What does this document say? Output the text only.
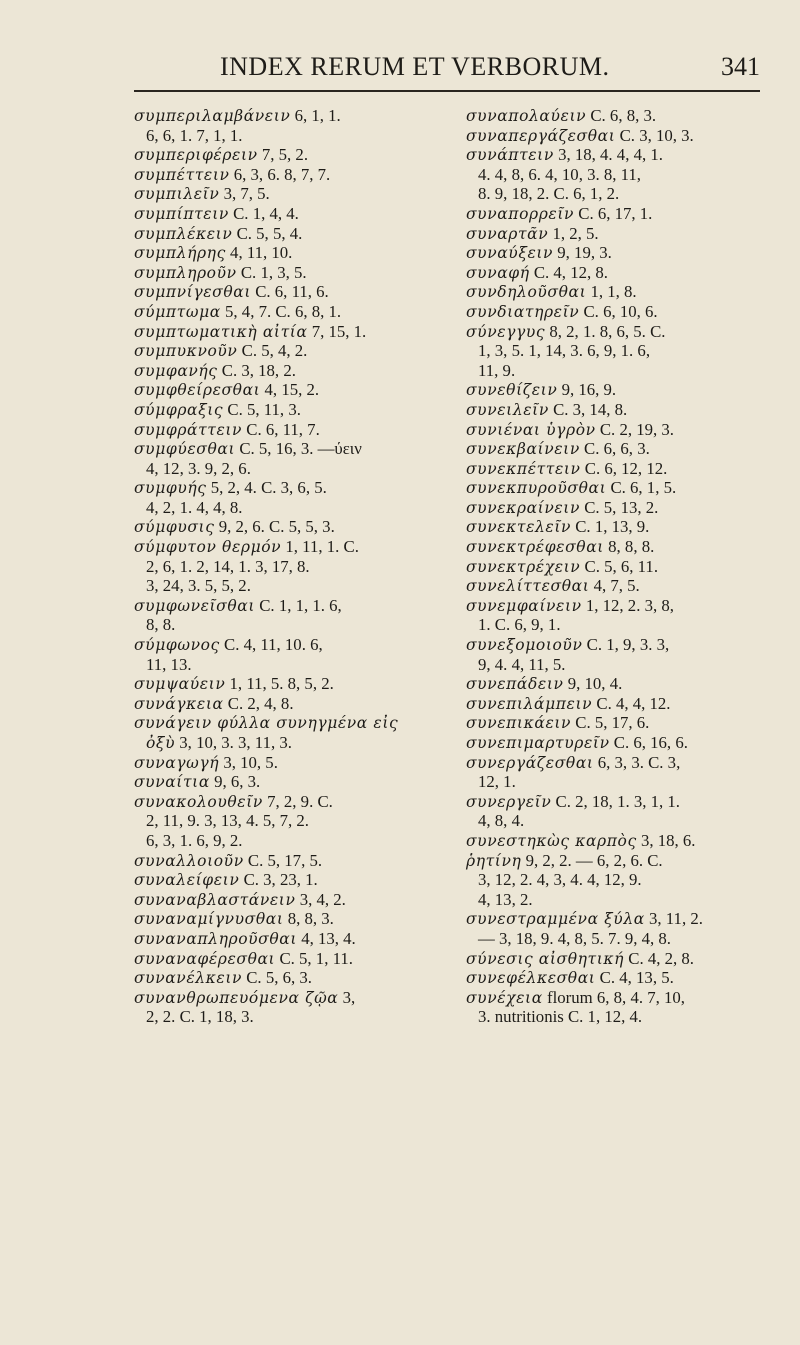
INDEX RERUM ET VERBORUM.	341
συμπεριλαμβάνειν 6, 1, 1.
6, 6, 1. 7, 1, 1.
συμπεριφέρειν 7, 5, 2.
συμπέττειν 6, 3, 6. 8, 7, 7.
συμπιλεῖν 3, 7, 5.
συμπίπτειν C. 1, 4, 4.
συμπλέκειν C. 5, 5, 4.
συμπλήρης 4, 11, 10.
συμπληροῦν C. 1, 3, 5.
συμπνίγεσθαι C. 6, 11, 6.
σύμπτωμα 5, 4, 7. C. 6, 8, 1.
συμπτωματικὴ αἰτία 7, 15, 1.
συμπυκνοῦν C. 5, 4, 2.
συμφανής C. 3, 18, 2.
συμφθείρεσθαι 4, 15, 2.
σύμφραξις C. 5, 11, 3.
συμφράττειν C. 6, 11, 7.
συμφύεσθαι C. 5, 16, 3. —ύειν
4, 12, 3. 9, 2, 6.
συμφυής 5, 2, 4. C. 3, 6, 5.
4, 2, 1. 4, 4, 8.
σύμφυσις 9, 2, 6. C. 5, 5, 3.
σύμφυτον θερμόν 1, 11, 1. C.
2, 6, 1. 2, 14, 1. 3, 17, 8.
3, 24, 3. 5, 5, 2.
συμφωνεῖσθαι C. 1, 1, 1. 6,
8, 8.
σύμφωνος C. 4, 11, 10. 6,
11, 13.
συμψαύειν 1, 11, 5. 8, 5, 2.
συνάγκεια C. 2, 4, 8.
συνάγειν φύλλα συνηγμένα εἰς
ὀξὺ 3, 10, 3. 3, 11, 3.
συναγωγή 3, 10, 5.
συναίτια 9, 6, 3.
συνακολουθεῖν 7, 2, 9. C.
2, 11, 9. 3, 13, 4. 5, 7, 2.
6, 3, 1. 6, 9, 2.
συναλλοιοῦν C. 5, 17, 5.
συναλείφειν C. 3, 23, 1.
συναναβλαστάνειν 3, 4, 2.
συναναμίγνυσθαι 8, 8, 3.
συναναπληροῦσθαι 4, 13, 4.
συναναφέρεσθαι C. 5, 1, 11.
συνανέλκειν C. 5, 6, 3.
συνανθρωπευόμενα ζῷα 3,
2, 2. C. 1, 18, 3.
συναπολαύειν C. 6, 8, 3.
συναπεργάζεσθαι C. 3, 10, 3.
συνάπτειν 3, 18, 4. 4, 4, 1.
4. 4, 8, 6. 4, 10, 3. 8, 11,
8. 9, 18, 2. C. 6, 1, 2.
συναπορρεῖν C. 6, 17, 1.
συναρτᾶν 1, 2, 5.
συναύξειν 9, 19, 3.
συναφή C. 4, 12, 8.
συνδηλοῦσθαι 1, 1, 8.
συνδιατηρεῖν C. 6, 10, 6.
σύνεγγυς 8, 2, 1. 8, 6, 5. C.
1, 3, 5. 1, 14, 3. 6, 9, 1. 6,
11, 9.
συνεθίζειν 9, 16, 9.
συνειλεῖν C. 3, 14, 8.
συνιέναι ὑγρὸν C. 2, 19, 3.
συνεκβαίνειν C. 6, 6, 3.
συνεκπέττειν C. 6, 12, 12.
συνεκπυροῦσθαι C. 6, 1, 5.
συνεκραίνειν C. 5, 13, 2.
συνεκτελεῖν C. 1, 13, 9.
συνεκτρέφεσθαι 8, 8, 8.
συνεκτρέχειν C. 5, 6, 11.
συνελίττεσθαι 4, 7, 5.
συνεμφαίνειν 1, 12, 2. 3, 8,
1. C. 6, 9, 1.
συνεξομοιοῦν C. 1, 9, 3. 3,
9, 4. 4, 11, 5.
συνεπάδειν 9, 10, 4.
συνεπιλάμπειν C. 4, 4, 12.
συνεπικάειν C. 5, 17, 6.
συνεπιμαρτυρεῖν C. 6, 16, 6.
συνεργάζεσθαι 6, 3, 3. C. 3,
12, 1.
συνεργεῖν C. 2, 18, 1. 3, 1, 1.
4, 8, 4.
συνεστηκὼς καρπὸς 3, 18, 6.
ῥητίνη 9, 2, 2. — 6, 2, 6. C.
3, 12, 2. 4, 3, 4. 4, 12, 9.
4, 13, 2.
συνεστραμμένα ξύλα 3, 11, 2.
— 3, 18, 9. 4, 8, 5. 7. 9, 4, 8.
σύνεσις αἰσθητική C. 4, 2, 8.
συνεφέλκεσθαι C. 4, 13, 5.
συνέχεια florum 6, 8, 4. 7, 10,
3. nutritionis C. 1, 12, 4.
